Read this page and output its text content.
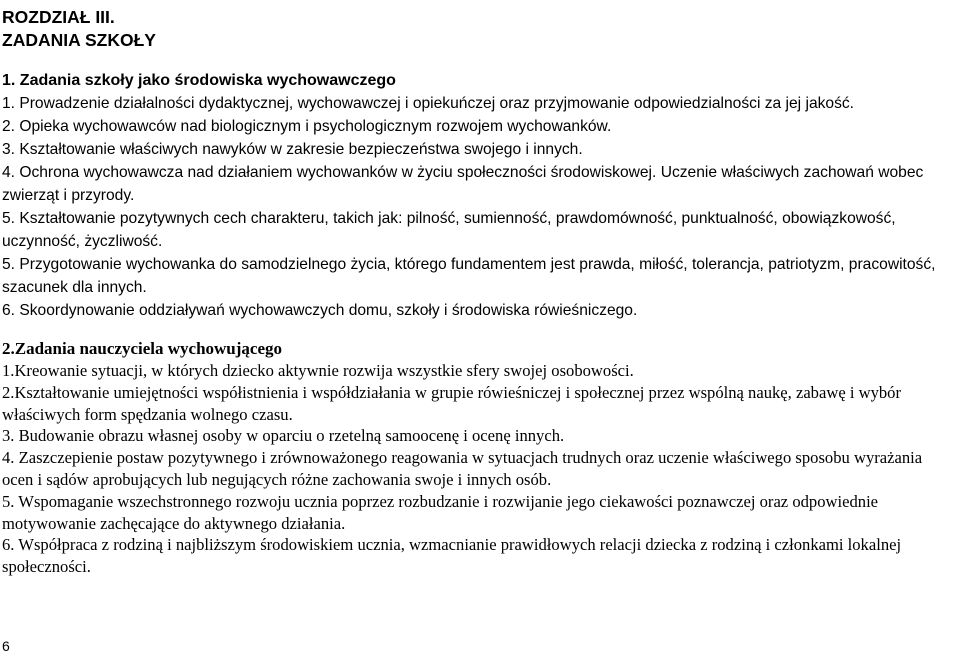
ROZDZIAŁ III.

ZADANIA SZKOŁY

1. Zadania szkoły jako środowiska wychowawczego

1. Prowadzenie działalności dydaktycznej, wychowawczej i opiekuńczej oraz przyjmowanie odpowiedzialności za jej jakość.

2. Opieka wychowawców nad biologicznym i psychologicznym rozwojem wychowanków.

3. Kształtowanie właściwych nawyków w zakresie bezpieczeństwa swojego i innych.

4. Ochrona wychowawcza nad działaniem wychowanków w życiu społeczności środowiskowej. Uczenie właściwych zachowań wobec zwierząt i przyrody.

5. Kształtowanie pozytywnych cech charakteru, takich jak: pilność, sumienność, prawdomówność, punktualność, obowiązkowość, uczynność, życzliwość.

5. Przygotowanie wychowanka do samodzielnego życia, którego fundamentem jest prawda, miłość, tolerancja, patriotyzm, pracowitość, szacunek dla innych.

6. Skoordynowanie oddziaływań wychowawczych domu, szkoły i środowiska rówieśniczego.

2.Zadania nauczyciela wychowującego

1.Kreowanie sytuacji, w których dziecko aktywnie rozwija wszystkie sfery swojej osobowości.

2.Kształtowanie umiejętności współistnienia i współdziałania w grupie rówieśniczej i społecznej przez wspólną naukę, zabawę i wybór właściwych form spędzania wolnego czasu.

3. Budowanie obrazu własnej osoby w oparciu o rzetelną samoocenę i ocenę innych.

4. Zaszczepienie postaw pozytywnego i zrównoważonego reagowania w sytuacjach trudnych oraz uczenie właściwego sposobu wyrażania ocen i sądów aprobujących lub negujących różne zachowania swoje i innych osób.

5. Wspomaganie wszechstronnego rozwoju ucznia poprzez rozbudzanie i rozwijanie jego ciekawości poznawczej oraz odpowiednie motywowanie zachęcające do aktywnego działania.

6. Współpraca z rodziną i najbliższym środowiskiem ucznia, wzmacnianie prawidłowych relacji dziecka z rodziną i członkami lokalnej społeczności.

6
